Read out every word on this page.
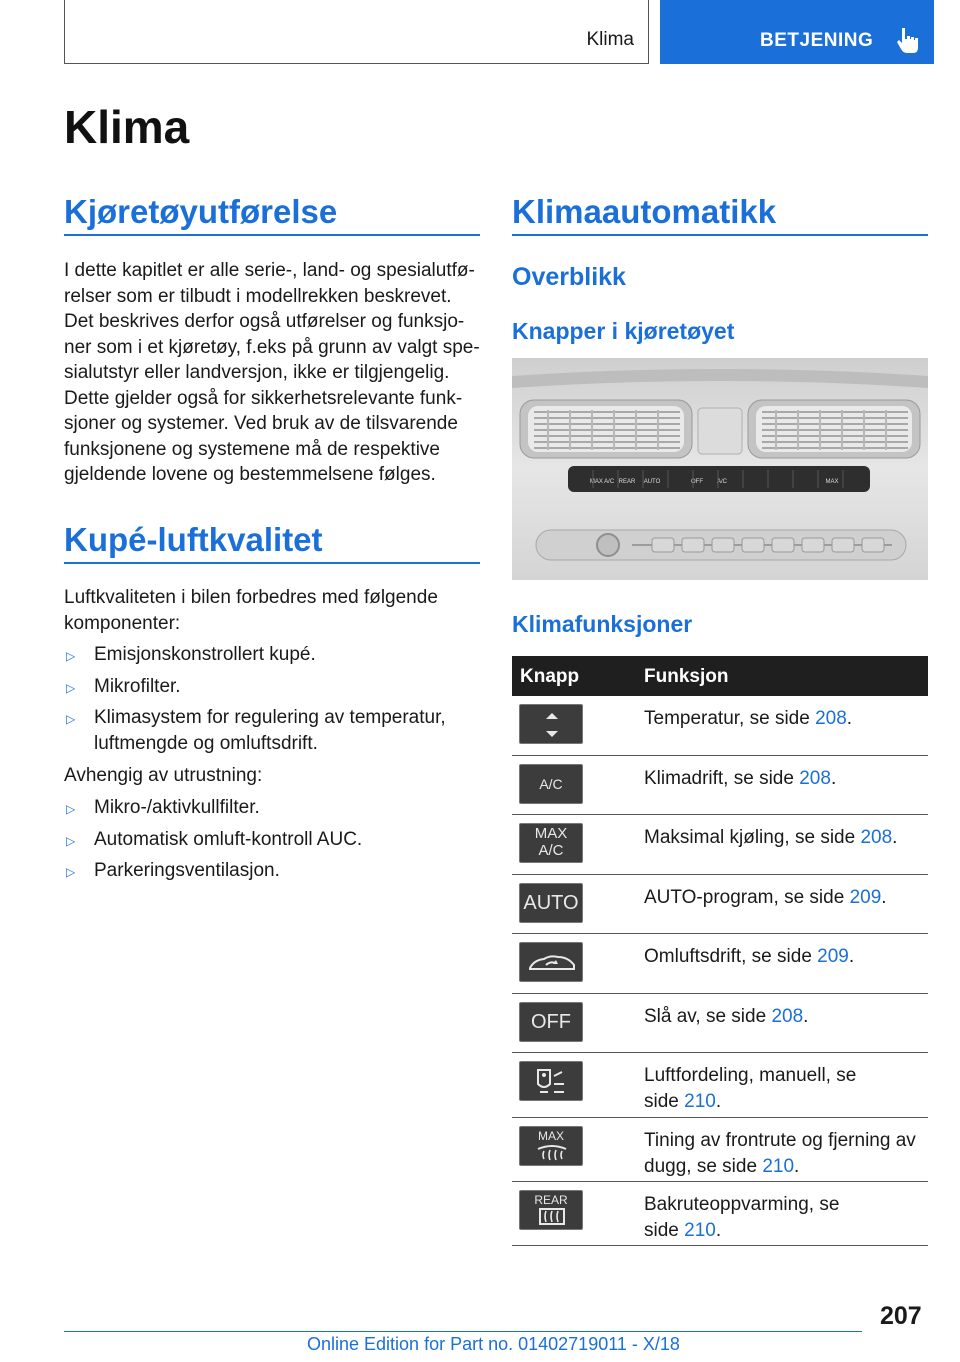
Klima	BETJENING
Klima
Kjøretøyutførelse
I dette kapitlet er alle serie-, land- og spesialutfø-
relser som er tilbudt i modellrekken beskrevet.
Det beskrives derfor også utførelser og funksjo-
ner som i et kjøretøy, f.eks på grunn av valgt spe-
sialutstyr eller landversjon, ikke er tilgjengelig.
Dette gjelder også for sikkerhetsrelevante funk-
sjoner og systemer. Ved bruk av de tilsvarende
funksjonene og systemene må de respektive
gjeldende lovene og bestemmelsene følges.
Kupé-luftkvalitet
Luftkvaliteten i bilen forbedres med følgende
komponenter:
▷ Emisjonskonstrollert kupé.
▷ Mikrofilter.
▷ Klimasystem for regulering av temperatur,
luftmengde og omluftsdrift.
Avhengig av utrustning:
▷ Mikro-/aktivkullfilter.
▷ Automatisk omluft-kontroll AUC.
▷ Parkeringsventilasjon.
Klimaautomatikk
Overblikk
Knapper i kjøretøyet
MAX A/C REAR AUTO	OFF A/C	MAX
Klimafunksjoner
Knapp	Funksjon
Temperatur, se side 208.
A/C	Klimadrift, se side 208.
MAX
A/C
Maksimal kjøling, se side 208.
AUTO	AUTO-program, se side 209.
Omluftsdrift, se side 209.
OFF	Slå av, se side 208.
Luftfordeling, manuell, se
side 210.
MAX	Tining av frontrute og fjerning av
dugg, se side 210.
REAR	Bakruteoppvarming, se
side 210.
207
Online Edition for Part no. 01402719011 - X/18
